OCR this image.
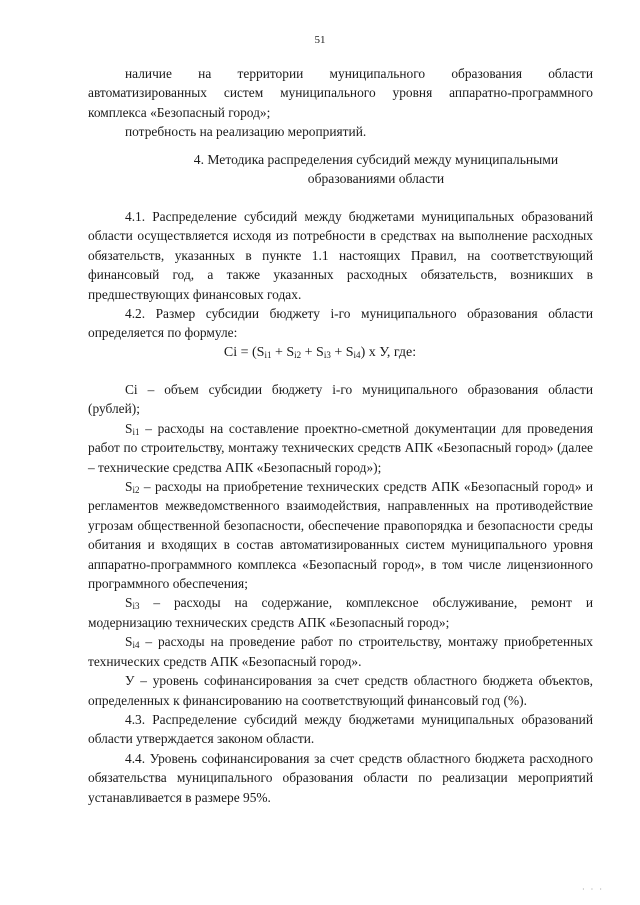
51

наличие на территории муниципального образования области автоматизированных систем муниципального уровня аппаратно-программного комплекса «Безопасный город»;

потребность на реализацию мероприятий.

4. Методика распределения субсидий между муниципальными
образованиями области

4.1. Распределение субсидий между бюджетами муниципальных образований области осуществляется исходя из потребности в средствах на выполнение расходных обязательств, указанных в пункте 1.1 настоящих Правил, на соответствующий финансовый год, а также указанных расходных обязательств, возникших в предшествующих финансовых годах.

4.2. Размер субсидии бюджету i-го муниципального образования области определяется по формуле:

$Ci = (S_{i1} + S_{i2} + S_{i3} + S_{i4})$ х У, где:

Ci – объем субсидии бюджету i-го муниципального образования области (рублей);

$S_{i1}$ – расходы на составление проектно-сметной документации для проведения работ по строительству, монтажу технических средств АПК «Безопасный город» (далее – технические средства АПК «Безопасный город»);

$S_{i2}$ – расходы на приобретение технических средств АПК «Безопасный город» и регламентов межведомственного взаимодействия, направленных на противодействие угрозам общественной безопасности, обеспечение правопорядка и безопасности среды обитания и входящих в состав автоматизированных систем муниципального уровня аппаратно-программного комплекса «Безопасный город», в том числе лицензионного программного обеспечения;

$S_{i3}$ – расходы на содержание, комплексное обслуживание, ремонт и модернизацию технических средств АПК «Безопасный город»;

$S_{i4}$ – расходы на проведение работ по строительству, монтажу приобретенных технических средств АПК «Безопасный город».

У – уровень софинансирования за счет средств областного бюджета объектов, определенных к финансированию на соответствующий финансовый год (%).

4.3. Распределение субсидий между бюджетами муниципальных образований области утверждается законом области.

4.4. Уровень софинансирования за счет средств областного бюджета расходного обязательства муниципального образования области по реализации мероприятий устанавливается в размере 95%.

· · ·
